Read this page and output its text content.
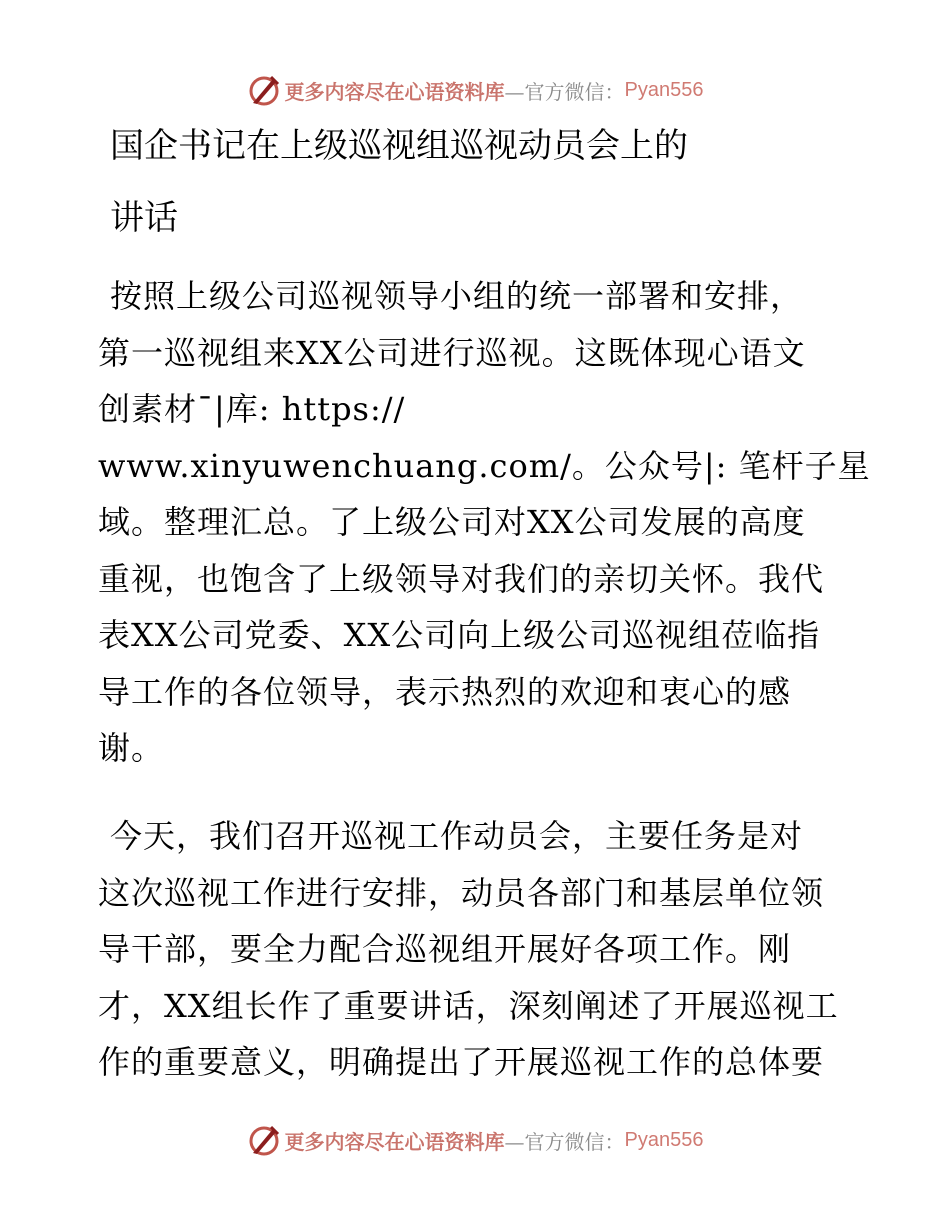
更多内容尽在心语资料库 —官方微信： Pyan556
国企书记在上级巡视组巡视动员会上的
讲话
按照上级公司巡视领导小组的统一部署和安排，
第一巡视组来XX公司进行巡视。这既体现心语文
创素材¯|库: https://
www.xinyuwenchuang.com/。公众号|: 笔杆子星
域。整理汇总。了上级公司对XX公司发展的高度
重视，也饱含了上级领导对我们的亲切关怀。我代
表XX公司党委、XX公司向上级公司巡视组莅临指
导工作的各位领导，表示热烈的欢迎和衷心的感
谢。
今天，我们召开巡视工作动员会，主要任务是对
这次巡视工作进行安排，动员各部门和基层单位领
导干部，要全力配合巡视组开展好各项工作。刚
才，XX组长作了重要讲话，深刻阐述了开展巡视工
作的重要意义，明确提出了开展巡视工作的总体要
更多内容尽在心语资料库 —官方微信： Pyan556
